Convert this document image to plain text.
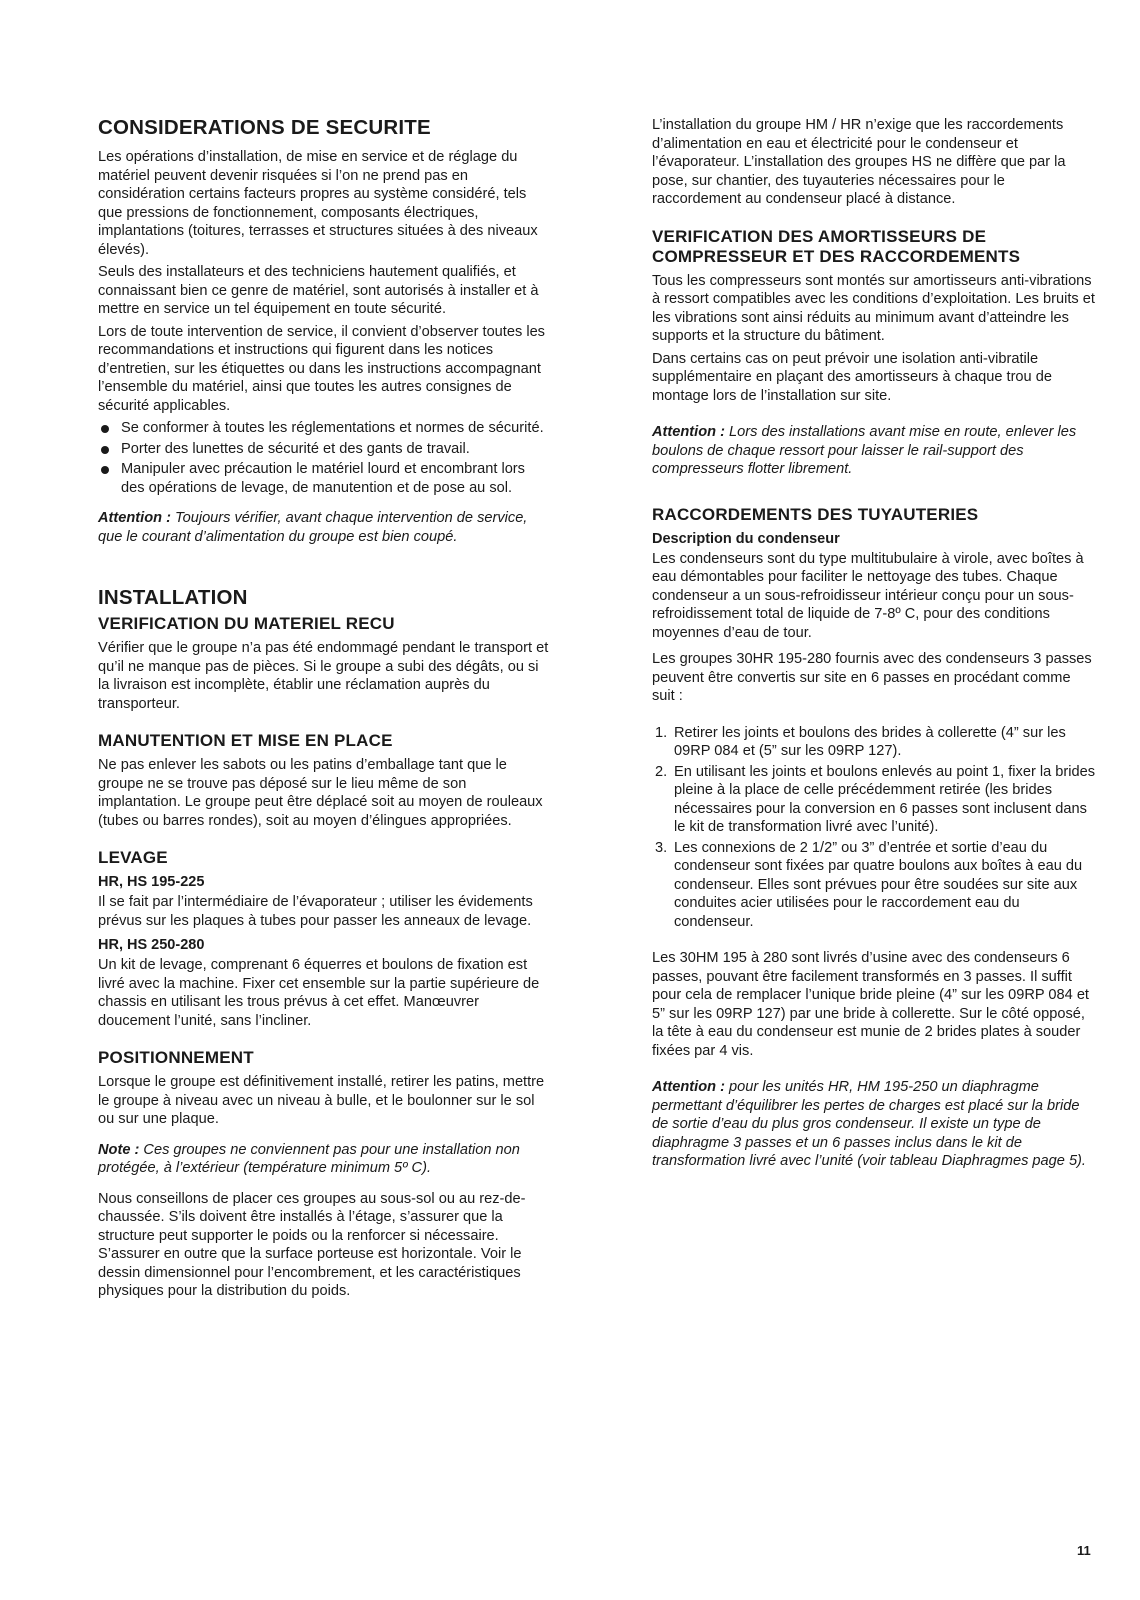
CONSIDERATIONS DE SECURITE

Les opérations d’installation, de mise en service et de réglage du matériel peuvent devenir risquées si l’on ne prend pas en considération certains facteurs propres au système considéré, tels que pressions de fonctionnement, composants électriques, implantations (toitures, terrasses et structures situées à des niveaux élevés).

Seuls des installateurs et des techniciens hautement qualifiés, et connaissant bien ce genre de matériel, sont autorisés à installer et à mettre en service un tel équipement en toute sécurité.

Lors de toute intervention de service, il convient d’observer toutes les recommandations et instructions qui figurent dans les notices d’entretien, sur les étiquettes ou dans les instructions accompagnant l’ensemble du matériel, ainsi que toutes les autres consignes de sécurité applicables.

Se conformer à toutes les réglementations et normes de sécurité.
Porter des lunettes de sécurité et des gants de travail.
Manipuler avec précaution le matériel lourd et encombrant lors des opérations de levage, de manutention et de pose au sol.

Attention : Toujours vérifier, avant chaque intervention de service, que le courant d’alimentation du groupe est bien coupé.

INSTALLATION
VERIFICATION DU MATERIEL RECU

Vérifier que le groupe n’a pas été endommagé pendant le transport et qu’il ne manque pas de pièces. Si le groupe a subi des dégâts, ou si la livraison est incomplète, établir une réclamation auprès du transporteur.

MANUTENTION ET MISE EN PLACE

Ne pas enlever les sabots ou les patins d’emballage tant que le groupe ne se trouve pas déposé sur le lieu même de son implantation. Le groupe peut être déplacé soit au moyen de rouleaux (tubes ou barres rondes), soit au moyen d’élingues appropriées.

LEVAGE
HR, HS 195-225

Il se fait par l’intermédiaire de l’évaporateur ; utiliser les évidements prévus sur les plaques à tubes pour passer les anneaux de levage.

HR, HS 250-280

Un kit de levage, comprenant 6 équerres et boulons de fixation est livré avec la machine. Fixer cet ensemble sur la partie supérieure de chassis en utilisant les trous prévus à cet effet. Manœuvrer doucement l’unité, sans l’incliner.

POSITIONNEMENT

Lorsque le groupe est définitivement installé, retirer les patins, mettre le groupe à niveau avec un niveau à bulle, et le boulonner sur le sol ou sur une plaque.

Note : Ces groupes ne conviennent pas pour une installation non protégée, à l’extérieur (température minimum 5º C).

Nous conseillons de placer ces groupes au sous-sol ou au rez-de-chaussée. S’ils doivent être installés à l’étage, s’assurer que la structure peut supporter le poids ou la renforcer si nécessaire. S’assurer en outre que la surface porteuse est horizontale. Voir le dessin dimensionnel pour l’encombrement, et les caractéristiques physiques pour la distribution du poids.

L’installation du groupe HM / HR n’exige que les raccordements d’alimentation en eau et électricité pour le condenseur et l’évaporateur. L’installation des groupes HS ne diffère que par la pose, sur chantier, des tuyauteries nécessaires pour le raccordement au condenseur placé à distance.

VERIFICATION DES AMORTISSEURS DE COMPRESSEUR ET DES RACCORDEMENTS

Tous les compresseurs sont montés sur amortisseurs anti-vibrations à ressort compatibles avec les conditions d’exploitation. Les bruits et les vibrations sont ainsi réduits au minimum avant d’atteindre les supports et la structure du bâtiment.

Dans certains cas on peut prévoir une isolation anti-vibratile supplémentaire en plaçant des amortisseurs à chaque trou de montage lors de l’installation sur site.

Attention : Lors des installations avant mise en route, enlever les boulons de chaque ressort pour laisser le rail-support des compresseurs flotter librement.

RACCORDEMENTS DES TUYAUTERIES
Description du condenseur

Les condenseurs sont du type multitubulaire à virole, avec boîtes à eau démontables pour faciliter le nettoyage des tubes. Chaque condenseur a un sous-refroidisseur intérieur conçu pour un sous-refroidissement total de liquide de 7-8º C, pour des conditions moyennes d’eau de tour.

Les groupes 30HR 195-280 fournis avec des condenseurs 3 passes peuvent être convertis sur site en 6 passes en procédant comme suit :

1. Retirer les joints et boulons des brides à collerette (4” sur les 09RP 084 et (5” sur les 09RP 127).
2. En utilisant les joints et boulons enlevés au point 1, fixer la brides pleine à la place de celle précédemment retirée (les brides nécessaires pour la conversion en 6 passes sont inclusent dans le kit de transformation livré avec l’unité).
3. Les connexions de 2 1/2” ou 3” d’entrée et sortie d’eau du condenseur sont fixées par quatre boulons aux boîtes à eau du condenseur. Elles sont prévues pour être soudées sur site aux conduites acier utilisées pour le raccordement eau du condenseur.

Les 30HM 195 à 280 sont livrés d’usine avec des condenseurs 6 passes, pouvant être facilement transformés en 3 passes. Il suffit pour cela de remplacer l’unique bride pleine (4” sur les 09RP 084 et 5” sur les 09RP 127) par une bride à collerette. Sur le côté opposé, la tête à eau du condenseur est munie de 2 brides plates à souder fixées par 4 vis.

Attention : pour les unités HR, HM 195-250 un diaphragme permettant d’équilibrer les pertes de charges est placé sur la bride de sortie d’eau du plus gros condenseur. Il existe un type de diaphragme 3 passes et un 6 passes inclus dans le kit de transformation livré avec l’unité (voir tableau Diaphragmes page 5).

11
